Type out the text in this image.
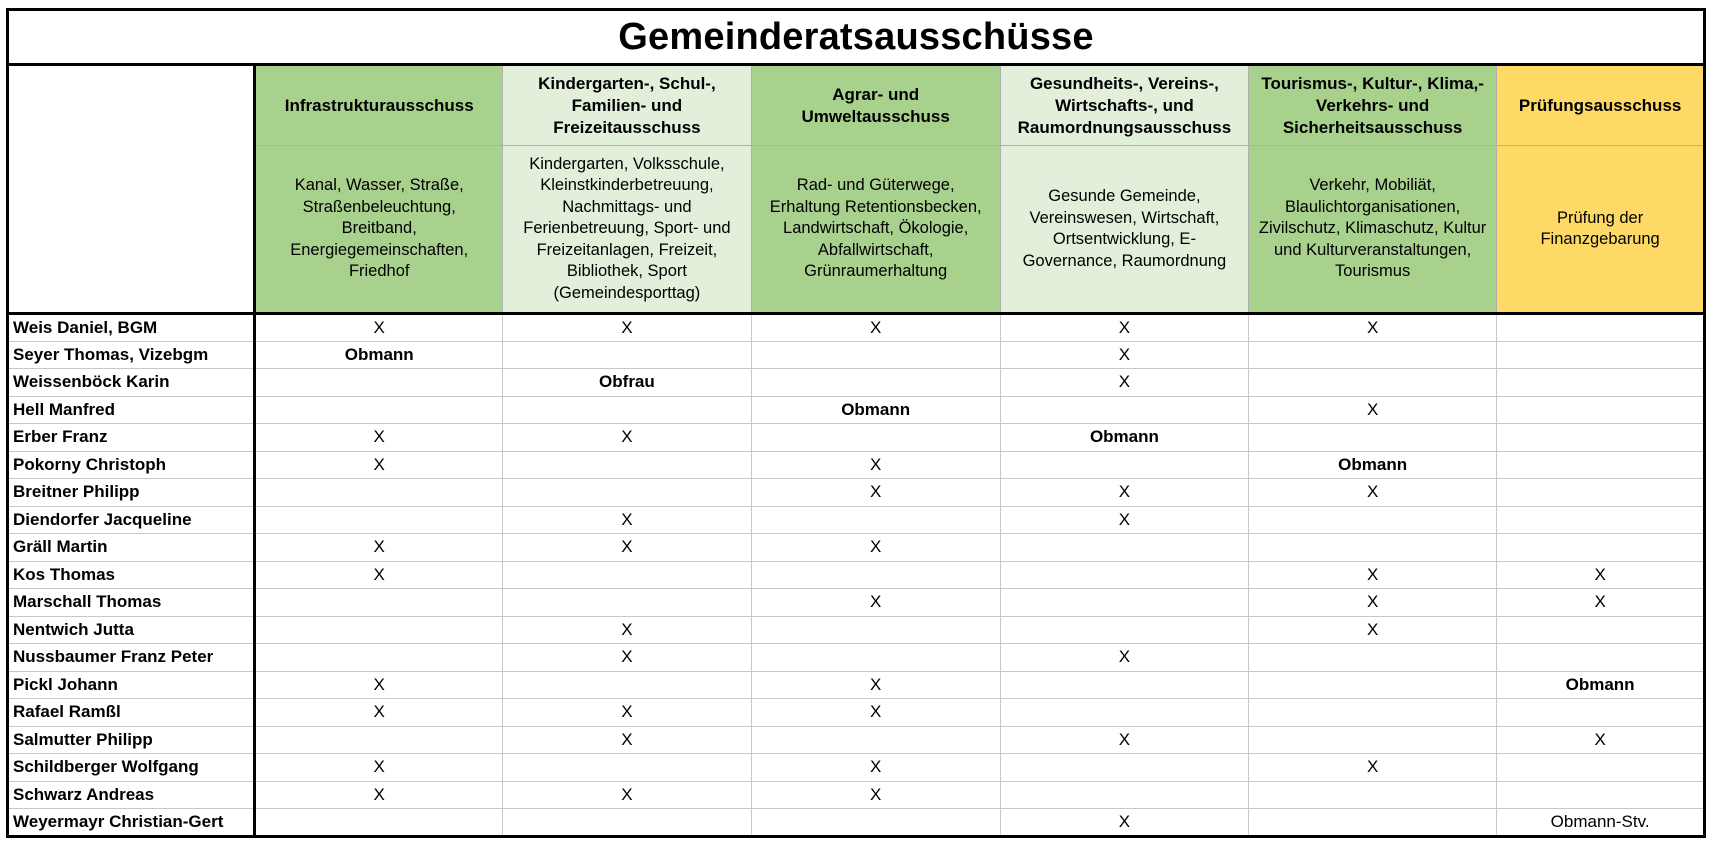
Gemeinderatsausschüsse						
	Infrastrukturausschuss	Kindergarten-, Schul-, Familien- und Freizeitausschuss	Agrar- und Umweltausschuss	Gesundheits-, Vereins-, Wirtschafts-, und Raumordnungsausschuss	Tourismus-, Kultur-, Klima,- Verkehrs- und Sicherheitsausschuss	Prüfungsausschuss
	Kanal, Wasser, Straße, Straßenbeleuchtung, Breitband, Energiegemeinschaften, Friedhof	Kindergarten, Volksschule, Kleinstkinderbetreuung, Nachmittags- und Ferienbetreuung, Sport- und Freizeitanlagen, Freizeit, Bibliothek, Sport (Gemeindesporttag)	Rad- und Güterwege, Erhaltung Retentionsbecken, Landwirtschaft, Ökologie, Abfallwirtschaft, Grünraumerhaltung	Gesunde Gemeinde, Vereinswesen, Wirtschaft, Ortsentwicklung, E-Governance, Raumordnung	Verkehr, Mobiliät, Blaulichtorganisationen, Zivilschutz, Klimaschutz, Kultur und Kulturveranstaltungen, Tourismus	Prüfung der Finanzgebarung
Weis Daniel, BGM	X	X	X	X	X	
Seyer Thomas, Vizebgm	Obmann			X		
Weissenböck Karin		Obfrau		X		
Hell Manfred			Obmann		X	
Erber Franz	X	X		Obmann		
Pokorny Christoph	X		X		Obmann	
Breitner Philipp			X	X	X	
Diendorfer Jacqueline		X		X		
Gräll Martin	X	X	X			
Kos Thomas	X				X	X
Marschall Thomas			X		X	X
Nentwich Jutta		X			X	
Nussbaumer Franz Peter		X		X		
Pickl Johann	X		X			Obmann
Rafael Ramßl	X	X	X			
Salmutter Philipp		X		X		X
Schildberger Wolfgang	X		X		X	
Schwarz Andreas	X	X	X			
Weyermayr Christian-Gert				X		Obmann-Stv.
